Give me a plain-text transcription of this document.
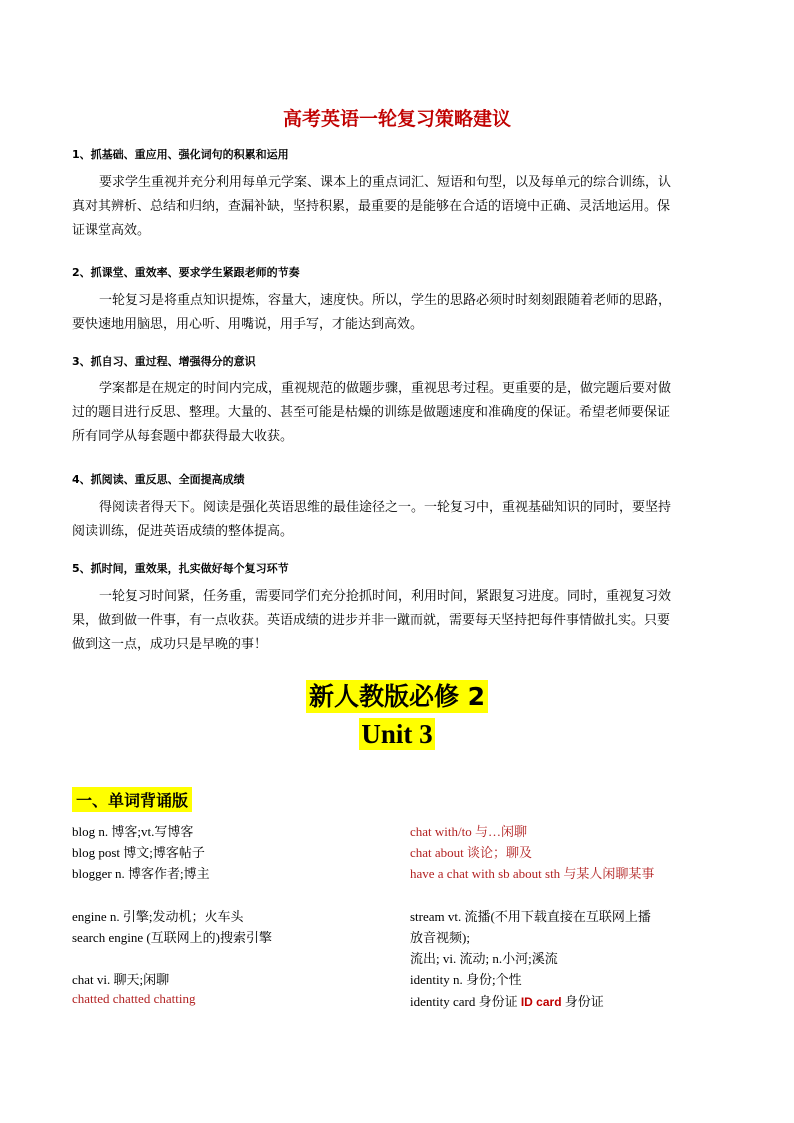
高考英语一轮复习策略建议
1、抓基础、重应用、强化词句的积累和运用

要求学生重视并充分利用每单元学案、课本上的重点词汇、短语和句型，以及每单元的综合训练，认
真对其辨析、总结和归纳，查漏补缺，坚持积累，最重要的是能够在合适的语境中正确、灵活地运用。保
证课堂高效。

2、抓课堂、重效率、要求学生紧跟老师的节奏

一轮复习是将重点知识提炼，容量大，速度快。所以，学生的思路必须时时刻刻跟随着老师的思路，
要快速地用脑思，用心听、用嘴说，用手写，才能达到高效。

3、抓自习、重过程、增强得分的意识

学案都是在规定的时间内完成，重视规范的做题步骤，重视思考过程。更重要的是，做完题后要对做
过的题目进行反思、整理。大量的、甚至可能是枯燥的训练是做题速度和准确度的保证。希望老师要保证
所有同学从每套题中都获得最大收获。

4、抓阅读、重反思、全面提高成绩

得阅读者得天下。阅读是强化英语思维的最佳途径之一。一轮复习中，重视基础知识的同时，要坚持
阅读训练，促进英语成绩的整体提高。

5、抓时间，重效果，扎实做好每个复习环节

一轮复习时间紧，任务重，需要同学们充分抢抓时间，利用时间，紧跟复习进度。同时，重视复习效
果，做到做一件事，有一点收获。英语成绩的进步并非一蹴而就，需要每天坚持把每件事情做扎实。只要
做到这一点，成功只是早晚的事！

新人教版必修 2
Unit 3
一、单词背诵版
blog n. 博客;vt.写博客
blog post 博文;博客帖子
blogger n. 博客作者;博主
engine n. 引擎;发动机；火车头
search engine (互联网上的)搜索引擎
chat vi. 聊天;闲聊
chatted chatted chatting
chat with/to 与…闲聊
chat about 谈论；聊及
have a chat with sb about sth 与某人闲聊某事
stream vt. 流播(不用下载直接在互联网上播
放音视频);
流出; vi. 流动; n.小河;溪流
identity n. 身份;个性
identity card 身份证 ID card 身份证
